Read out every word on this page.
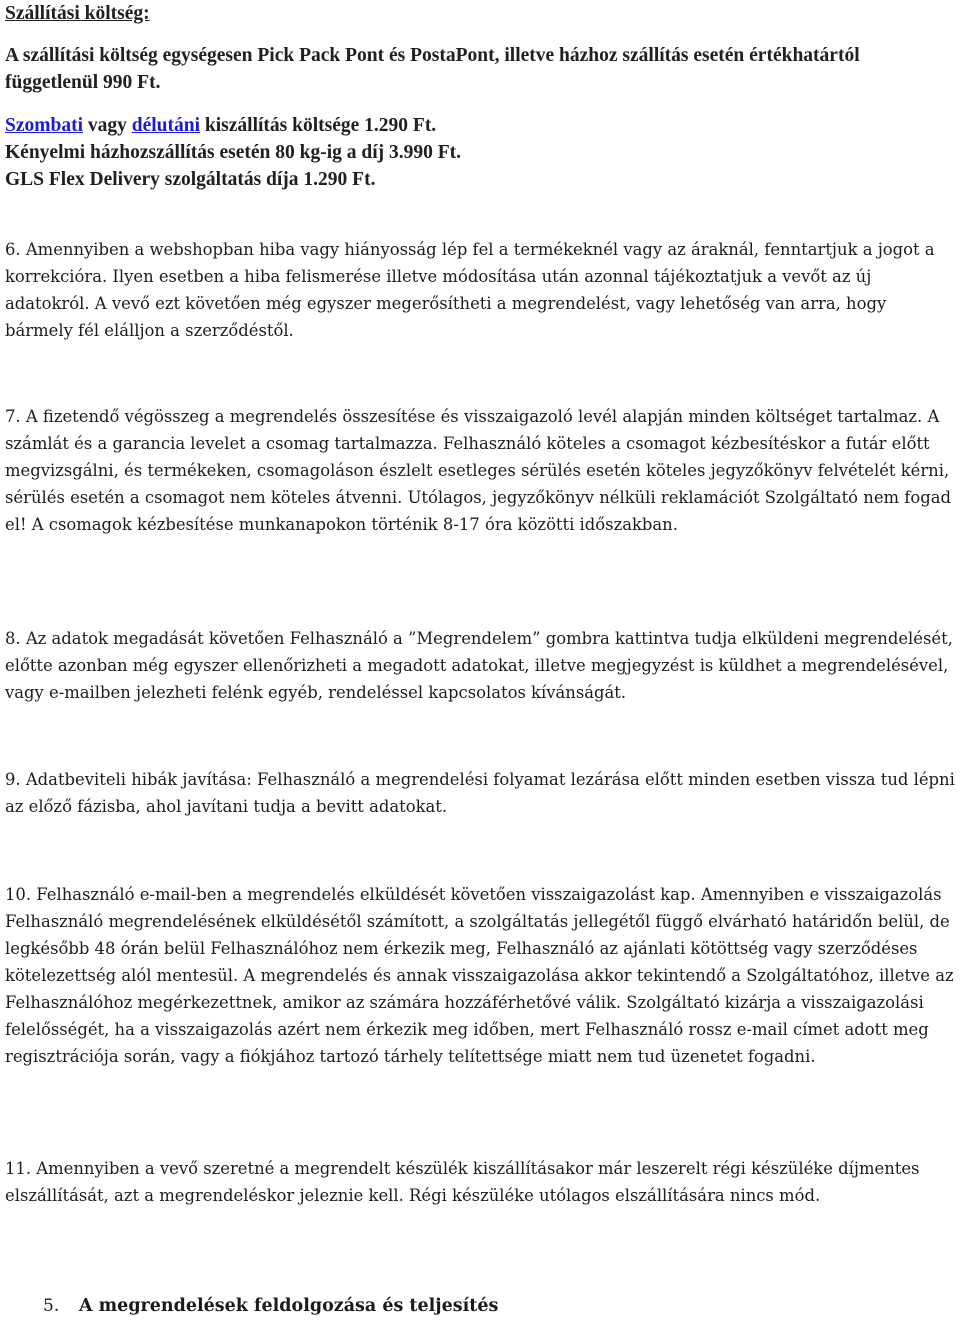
Szállítási költség:

A szállítási költség egységesen Pick Pack Pont és PostaPont, illetve házhoz szállítás esetén értékhatártól függetlenül 990 Ft.

Szombati vagy délutáni kiszállítás költsége 1.290 Ft.
Kényelmi házhozszállítás esetén 80 kg-ig a díj 3.990 Ft.
GLS Flex Delivery szolgáltatás díja 1.290 Ft.

6. Amennyiben a webshopban hiba vagy hiányosság lép fel a termékeknél vagy az áraknál, fenntartjuk a jogot a korrekcióra. Ilyen esetben a hiba felismerése illetve módosítása után azonnal tájékoztatjuk a vevőt az új adatokról. A vevő ezt követően még egyszer megerősítheti a megrendelést, vagy lehetőség van arra, hogy bármely fél elálljon a szerződéstől.

7. A fizetendő végösszeg a megrendelés összesítése és visszaigazoló levél alapján minden költséget tartalmaz. A számlát és a garancia levelet a csomag tartalmazza. Felhasználó köteles a csomagot kézbesítéskor a futár előtt megvizsgálni, és termékeken, csomagoláson észlelt esetleges sérülés esetén köteles jegyzőkönyv felvételét kérni, sérülés esetén a csomagot nem köteles átvenni. Utólagos, jegyzőkönyv nélküli reklamációt Szolgáltató nem fogad el! A csomagok kézbesítése munkanapokon történik 8-17 óra közötti időszakban.

8. Az adatok megadását követően Felhasználó a ”Megrendelem” gombra kattintva tudja elküldeni megrendelését, előtte azonban még egyszer ellenőrizheti a megadott adatokat, illetve megjegyzést is küldhet a megrendelésével, vagy e-mailben jelezheti felénk egyéb, rendeléssel kapcsolatos kívánságát.

9. Adatbeviteli hibák javítása: Felhasználó a megrendelési folyamat lezárása előtt minden esetben vissza tud lépni az előző fázisba, ahol javítani tudja a bevitt adatokat.

10. Felhasználó e-mail-ben a megrendelés elküldését követően visszaigazolást kap. Amennyiben e visszaigazolás Felhasználó megrendelésének elküldésétől számított, a szolgáltatás jellegétől függő elvárható határidőn belül, de legkésőbb 48 órán belül Felhasználóhoz nem érkezik meg, Felhasználó az ajánlati kötöttség vagy szerződéses kötelezettség alól mentesül. A megrendelés és annak visszaigazolása akkor tekintendő a Szolgáltatóhoz, illetve az Felhasználóhoz megérkezettnek, amikor az számára hozzáférhetővé válik. Szolgáltató kizárja a visszaigazolási felelősségét, ha a visszaigazolás azért nem érkezik meg időben, mert Felhasználó rossz e-mail címet adott meg regisztrációja során, vagy a fiókjához tartozó tárhely telítettsége miatt nem tud üzenetet fogadni.

11. Amennyiben a vevő szeretné a megrendelt készülék kiszállításakor már leszerelt régi készüléke díjmentes elszállítását, azt a megrendeléskor jeleznie kell. Régi készüléke utólagos elszállítására nincs mód.

5. A megrendelések feldolgozása és teljesítés
